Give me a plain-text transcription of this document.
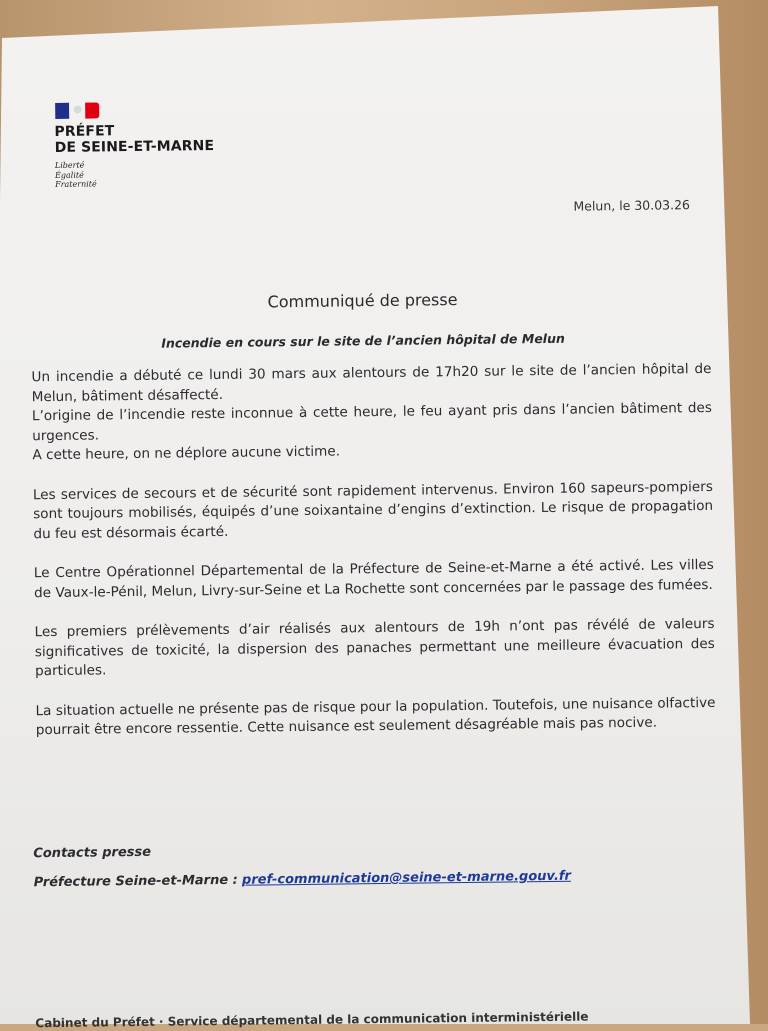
PRÉFET
DE SEINE-ET-MARNE
Liberté
Égalité
Fraternité
Melun, le 30.03.26
Communiqué de presse
Incendie en cours sur le site de l’ancien hôpital de Melun

Un incendie a débuté ce lundi 30 mars aux alentours de 17h20 sur le site de l’ancien hôpital de Melun, bâtiment désaffecté.

L’origine de l’incendie reste inconnue à cette heure, le feu ayant pris dans l’ancien bâtiment des urgences.

A cette heure, on ne déplore aucune victime.

Les services de secours et de sécurité sont rapidement intervenus. Environ 160 sapeurs-pompiers sont toujours mobilisés, équipés d’une soixantaine d’engins d’extinction. Le risque de propagation du feu est désormais écarté.

Le Centre Opérationnel Départemental de la Préfecture de Seine-et-Marne a été activé. Les villes de Vaux-le-Pénil, Melun, Livry-sur-Seine et La Rochette sont concernées par le passage des fumées.

Les premiers prélèvements d’air réalisés aux alentours de 19h n’ont pas révélé de valeurs significatives de toxicité, la dispersion des panaches permettant une meilleure évacuation des particules.

La situation actuelle ne présente pas de risque pour la population. Toutefois, une nuisance olfactive pourrait être encore ressentie. Cette nuisance est seulement désagréable mais pas nocive.

Contacts presse
Préfecture Seine-et-Marne : pref-communication@seine-et-marne.gouv.fr
Cabinet du Préfet · Service départemental de la communication interministérielle
